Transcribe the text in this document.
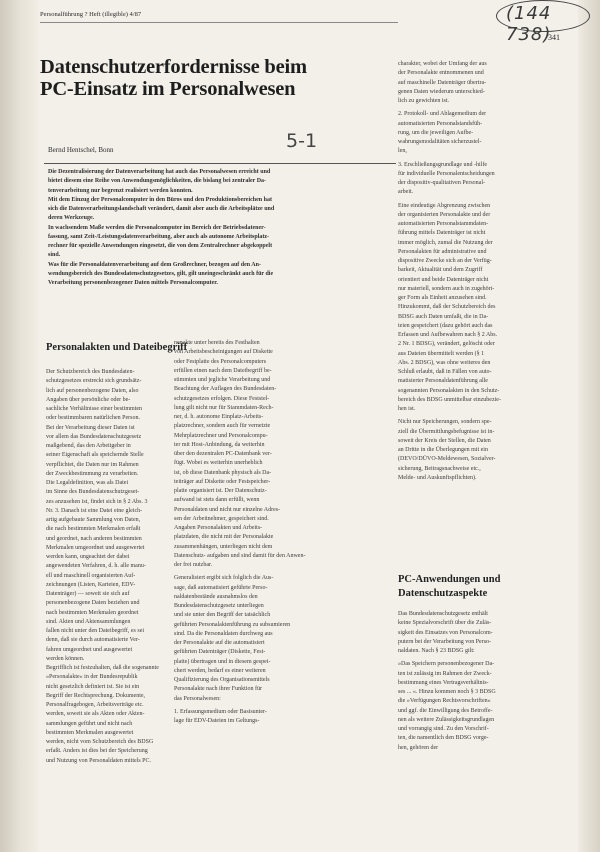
Personalführung ? Heft (illegible) 4/87	(144 738)
341
Datenschutzerfordernisse beim
PC-Einsatz im Personalwesen
Bernd Hentschel, Bonn	5-1
Die Dezentralisierung der Datenverarbeitung hat auch das Personalwesen erreicht und
bietet diesem eine Reihe von Anwendungsmöglichkeiten, die bislang bei zentraler Da-
tenverarbeitung nur begrenzt realisiert werden konnten.
Mit dem Einzug der Personalcomputer in den Büros und den Produktionsbereichen hat
sich die Datenverarbeitungslandschaft verändert, damit aber auch die Arbeitsplätze und
deren Werkzeuge.
In wachsendem Maße werden die Personalcomputer im Bereich der Betriebsdatener-
fassung, samt Zeit-/Leistungsdatenverarbeitung, aber auch als autonome Arbeitsplatz-
rechner für spezielle Anwendungen eingesetzt, die von dem Zentralrechner abgekoppelt
sind.
Was für die Personaldatenverarbeitung auf dem Großrechner, bezogen auf den An-
wendungsbereich des Bundesdatenschutzgesetzes, gilt, gilt uneingeschränkt auch für die
Verarbeitung personenbezogener Daten mittels Personalcomputer.
Personalakten und Dateibegriff
Der Schutzbereich des Bundesdaten-
schutzgesetzes erstreckt sich grundsätz-
lich auf personenbezogene Daten, also
Angaben über persönliche oder be-
sachliche Verhältnisse einer bestimmten
oder bestimmbaren natürlichen Person.
Bei der Verarbeitung dieser Daten ist
vor allem das Bundesdatenschutzgesetz
maßgebend, das den Arbeitgeber in
seiner Eigenschaft als speichernde Stelle
verpflichtet, die Daten nur im Rahmen
der Zweckbestimmung zu verarbeiten.
Die Legaldefinition, was als Datei
im Sinne des Bundesdatenschutzgeset-
zes anzusehen ist, findet sich in § 2 Abs. 3
Nr. 3. Danach ist eine Datei eine gleich-
artig aufgebaute Sammlung von Daten,
die nach bestimmten Merkmalen erfaßt
und geordnet, nach anderen bestimmten
Merkmalen umgeordnet und ausgewertet
werden kann, ungeachtet der dabei
angewendeten Verfahren, d. h. alle manu-
ell und maschinell organisierten Auf-
zeichnungen (Listen, Karteien, EDV-
Datenträger) — soweit sie sich auf
personenbezogene Daten beziehen und
nach bestimmten Merkmalen geordnet
sind. Akten und Aktensammlungen
fallen nicht unter den Dateibegriff, es sei
denn, daß sie durch automatisierte Ver-
fahren umgeordnet und ausgewertet
werden können.
Begrifflich ist festzuhalten, daß die sogenannte
»Personalakte« in der Bundesrepublik
nicht gesetzlich definiert ist. Sie ist ein
Begriff der Rechtsprechung. Dokumente,
Personalfragebogen, Arbeitsverträge etc.
werden, soweit sie als Akten oder Akten-
sammlungen geführt und nicht nach
bestimmten Merkmalen ausgewertet
werden, nicht vom Schutzbereich des BDSG
erfaßt. Anders ist dies bei der Speicherung
und Nutzung von Personaldaten mittels PC.
nenakte unter bereits des Festhalten
von Arbeitsbescheinigungen auf Diskette
oder Festplatte des Personalcomputers
erfüllen einen nach dem Dateibegriff be-
stimmten und jegliche Verarbeitung und
Beachtung der Auflagen des Bundesdaten-
schutzgesetzes erfolgen. Diese Feststel-
lung gilt nicht nur für Stammdaten-Rech-
ner, d. h. autonome Einplatz-Arbeits-
platzrechner, sondern auch für vernetzte
Mehrplatzrechner und Personalcompu-
ter mit Host-Anbindung, da weiterhin
über den dezentralen PC-Datenbank ver-
fügt. Wobei es weiterhin unerheblich
ist, ob diese Datenbank physisch als Da-
teiträger auf Diskette oder Festspeicher-
platte organisiert ist. Der Datenschutz-
aufwand ist stets dann erfüllt, wenn
Personaldaten und nicht nur einzelne Adres-
sen der Arbeitnehmer, gespeichert sind.
Angaben Personalakten und Arbeits-
platzdaten, die nicht mit der Personalakte
zusammenhängen, unterliegen nicht dem
Datenschutz- aufgaben und sind damit für den Anwen-
der frei nutzbar.

Generalisiert ergibt sich folglich die Aus-
sage, daß automatisiert geführte Perso-
naldatenbestände ausnahmslos den
Bundesdatenschutzgesetz unterliegen
und sie unter den Begriff der tatsächlich
geführten Personalaktenführung zu subsumieren
sind. Da die Personaldaten durchweg aus
der Personalakte auf die automatisiert
geführten Datenträger (Diskette, Fest-
platte) übertragen und in diesem gespei-
chert werden, bedarf es einer weiteren
Qualifizierung des Organisationsmittels
Personalakte nach ihrer Funktion für
das Personalwesen:

1. Erfassungsmedium oder Basisunter-
lage für EDV-Dateien im Geltungs-
charakter, wobei der Umfang der aus
der Personalakte entnommenen und
auf maschinelle Datenträger übertra-
genen Daten wiederum unterschied-
lich zu gewichten ist.

2. Protokoll- und Ablagemedium der
automatisierten Personalstandsfüh-
rung, um die jeweiligen Aufbe-
wahrungsmodalitäten sicherzustel-
len,

3. Erschließungsgrundlage und -hilfe
für individuelle Personalentscheidungen
der dispositiv-qualitativen Personal-
arbeit.

Eine eindeutige Abgrenzung zwischen
der organisierten Personalakte und der
automatisierten Personalstammdaten-
führung mittels Datenträger ist nicht
immer möglich, zumal die Nutzung der
Personalakten für administrative und
dispositive Zwecke sich an der Verfüg-
barkeit, Aktualität und dem Zugriff
orientiert und beide Datenträger nicht
nur materiell, sondern auch in zugehöri-
ger Form als Einheit anzusehen sind.
Hinzukommt, daß der Schutzbereich des
BDSG auch Daten umfaßt, die in Da-
teien gespeichert (dazu gehört auch das
Erfassen und Aufbewahren nach § 2 Abs.
2 Nr. 1 BDSG), verändert, gelöscht oder
aus Dateien übermittelt werden (§ 1
Abs. 2 BDSG), was ohne weiteres den
Schluß erlaubt, daß in Fällen von auto-
matisierter Personaldatenführung alle
sogenannten Personalakten in den Schutz-
bereich des BDSG unmittelbar einzubezie-
hen ist.

Nicht nur Speicherungen, sondern spe-
ziell die Übermittlungsbefugnisse ist in-
soweit der Kreis der Stellen, die Daten
an Dritte in die Überlegungen mit ein
(DEVO/DÜVO-Meldewesen, Sozialver-
sicherung, Beitragsnachweise etc.,
Melde- und Auskunftspflichten).
PC-Anwendungen und
Datenschutzaspekte
Das Bundesdatenschutzgesetz enthält
keine Spezialvorschrift über die Zuläs-
sigkeit des Einsatzes von Personalcom-
putern bei der Verarbeitung von Perso-
naldaten. Nach § 23 BDSG gilt:

»Das Speichern personenbezogener Da-
ten ist zulässig im Rahmen der Zweck-
bestimmung eines Vertragsverhältnis-
ses ... «. Hinzu kommen noch § 3 BDSG
die »Verfügungen Rechtsvorschriften«
und ggf. die Einwilligung des Betroffe-
nen als weitere Zulässigkeitsgrundlagen
und vorrangig sind. Zu den Vorschrif-
ten, die namentlich den BDSG vorge-
hen, gehören der
